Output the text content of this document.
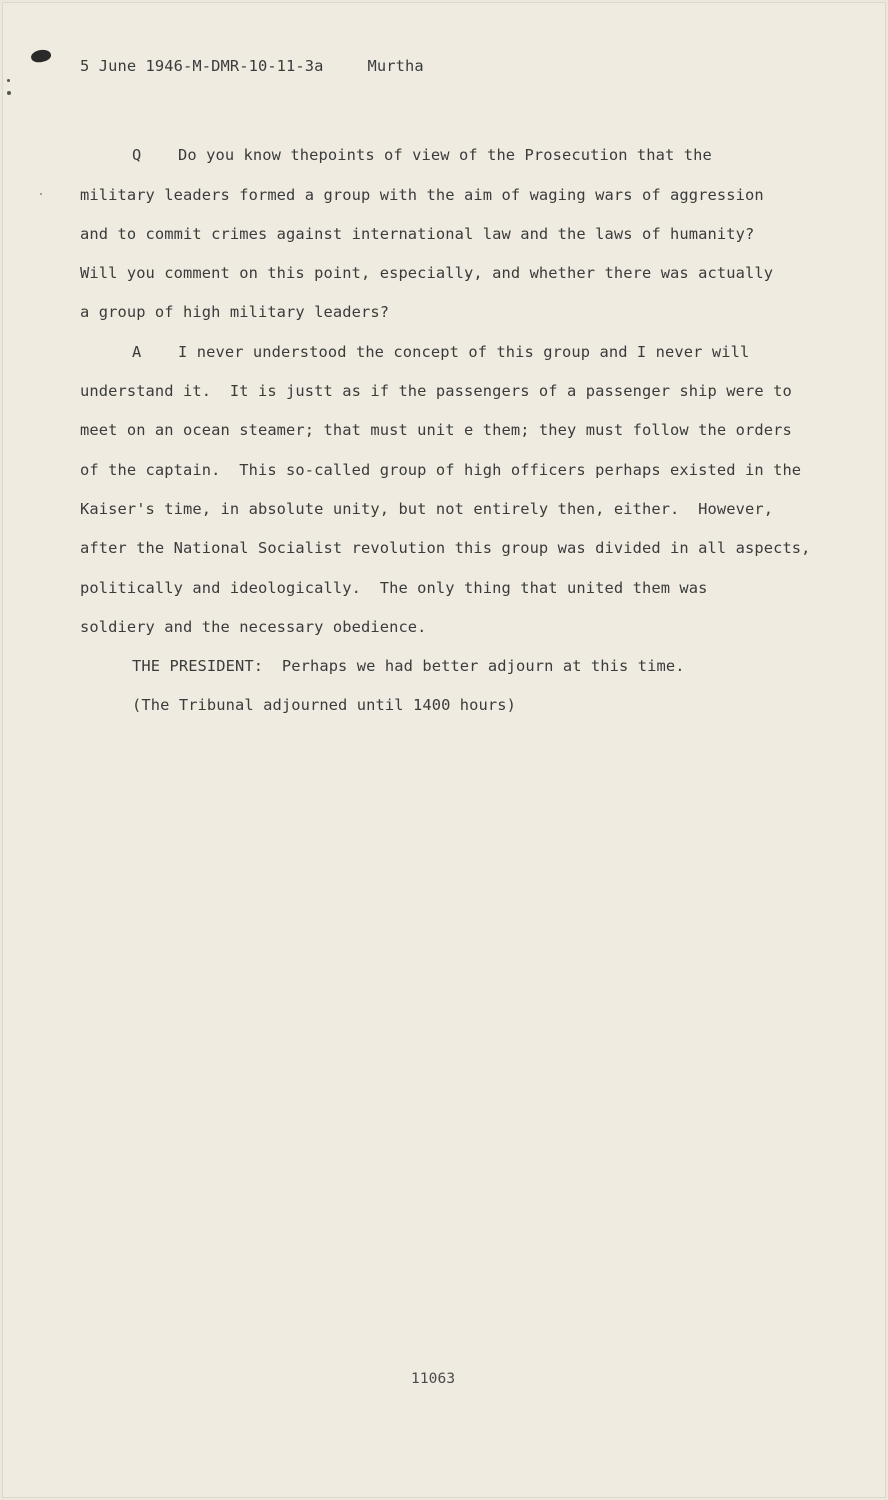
5 June 1946-M-DMR-10-11-3a	Murtha

Q Do you know thepoints of view of the Prosecution that the
military leaders formed a group with the aim of waging wars of aggression
and to commit crimes against international law and the laws of humanity?
Will you comment on this point, especially, and whether there was actually
a group of high military leaders?
A I never understood the concept of this group and I never will
understand it.  It is justt as if the passengers of a passenger ship were to
meet on an ocean steamer; that must unit e them; they must follow the orders
of the captain.  This so-called group of high officers perhaps existed in the
Kaiser's time, in absolute unity, but not entirely then, either.  However,
after the National Socialist revolution this group was divided in all aspects,
politically and ideologically.  The only thing that united them was
soldiery and the necessary obedience.
THE PRESIDENT: Perhaps we had better adjourn at this time.
(The Tribunal adjourned until 1400 hours)
11063
